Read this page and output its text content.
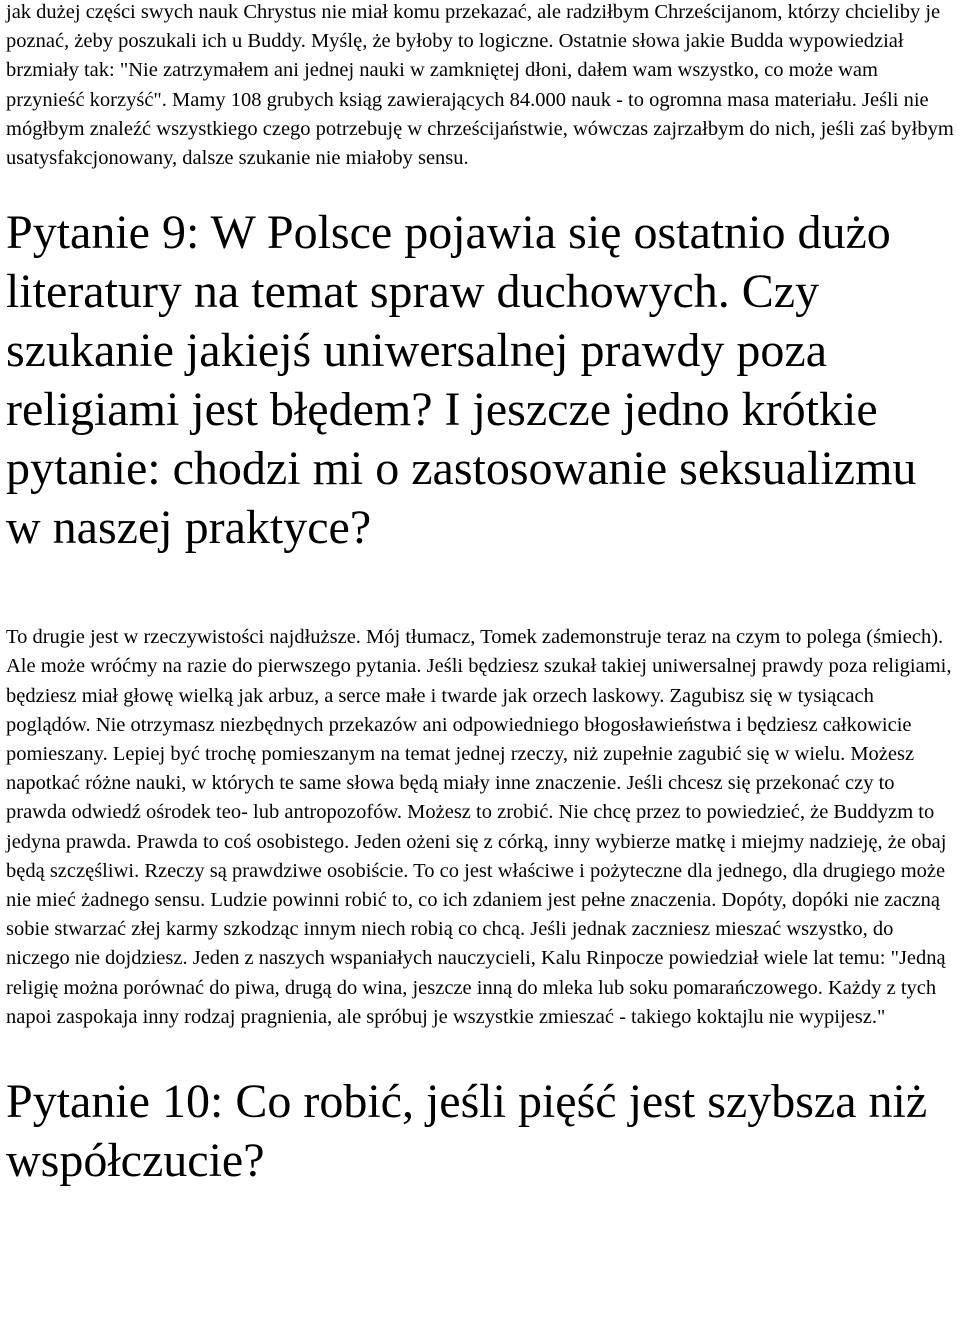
jak dużej części swych nauk Chrystus nie miał komu przekazać, ale radziłbym Chrześcijanom, którzy chcieliby je poznać, żeby poszukali ich u Buddy. Myślę, że byłoby to logiczne. Ostatnie słowa jakie Budda wypowiedział brzmiały tak: "Nie zatrzymałem ani jednej nauki w zamkniętej dłoni, dałem wam wszystko, co może wam przynieść korzyść". Mamy 108 grubych ksiąg zawierających 84.000 nauk - to ogromna masa materiału. Jeśli nie mógłbym znaleźć wszystkiego czego potrzebuję w chrześcijaństwie, wówczas zajrzałbym do nich, jeśli zaś byłbym usatysfakcjonowany, dalsze szukanie nie miałoby sensu.

Pytanie 9: W Polsce pojawia się ostatnio dużo literatury na temat spraw duchowych. Czy szukanie jakiejś uniwersalnej prawdy poza religiami jest błędem? I jeszcze jedno krótkie pytanie: chodzi mi o zastosowanie seksualizmu w naszej praktyce?

To drugie jest w rzeczywistości najdłuższe. Mój tłumacz, Tomek zademonstruje teraz na czym to polega (śmiech). Ale może wróćmy na razie do pierwszego pytania. Jeśli będziesz szukał takiej uniwersalnej prawdy poza religiami, będziesz miał głowę wielką jak arbuz, a serce małe i twarde jak orzech laskowy. Zagubisz się w tysiącach poglądów. Nie otrzymasz niezbędnych przekazów ani odpowiedniego błogosławieństwa i będziesz całkowicie pomieszany. Lepiej być trochę pomieszanym na temat jednej rzeczy, niż zupełnie zagubić się w wielu. Możesz napotkać różne nauki, w których te same słowa będą miały inne znaczenie. Jeśli chcesz się przekonać czy to prawda odwiedź ośrodek teo- lub antropozofów. Możesz to zrobić. Nie chcę przez to powiedzieć, że Buddyzm to jedyna prawda. Prawda to coś osobistego. Jeden ożeni się z córką, inny wybierze matkę i miejmy nadzieję, że obaj będą szczęśliwi. Rzeczy są prawdziwe osobiście. To co jest właściwe i pożyteczne dla jednego, dla drugiego może nie mieć żadnego sensu. Ludzie powinni robić to, co ich zdaniem jest pełne znaczenia. Dopóty, dopóki nie zaczną sobie stwarzać złej karmy szkodząc innym niech robią co chcą. Jeśli jednak zaczniesz mieszać wszystko, do niczego nie dojdziesz. Jeden z naszych wspaniałych nauczycieli, Kalu Rinpocze powiedział wiele lat temu: "Jedną religię można porównać do piwa, drugą do wina, jeszcze inną do mleka lub soku pomarańczowego. Każdy z tych napoi zaspokaja inny rodzaj pragnienia, ale spróbuj je wszystkie zmieszać - takiego koktajlu nie wypijesz."

Pytanie 10: Co robić, jeśli pięść jest szybsza niż współczucie?
